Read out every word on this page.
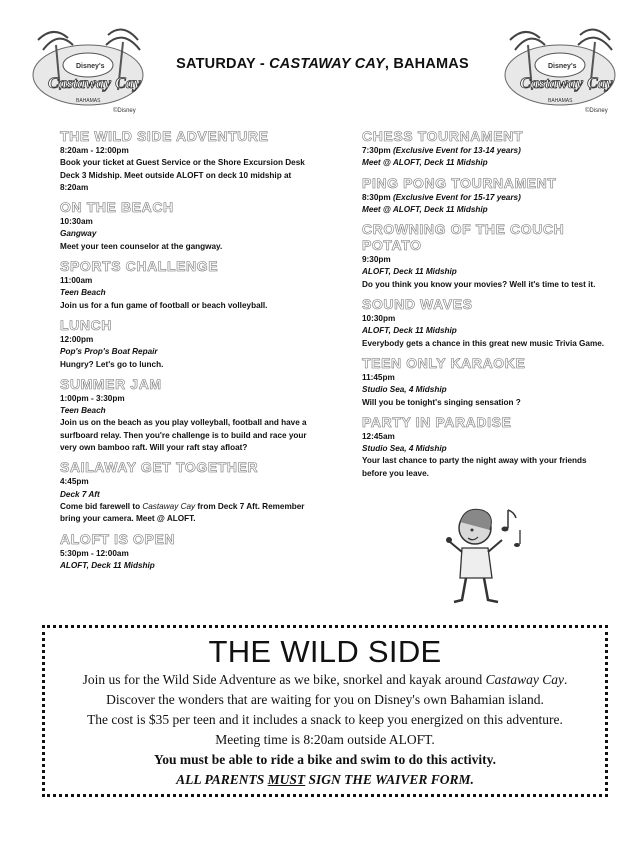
Disney's
Castaway Cay
BAHAMAS
©Disney
SATURDAY - CASTAWAY CAY, BAHAMAS	Disney's
Castaway Cay
BAHAMAS
©Disney
THE WILD SIDE ADVENTURE
8:20am - 12:00pm
Book your ticket at Guest Service or the Shore Excursion Desk Deck 3 Midship. Meet outside ALOFT on deck 10 midship at 8:20am
ON THE BEACH
10:30am
Gangway
Meet your teen counselor at the gangway.
SPORTS CHALLENGE
11:00am
Teen Beach
Join us for a fun game of football or beach volleyball.
LUNCH
12:00pm
Pop's Prop's Boat Repair
Hungry? Let's go to lunch.
SUMMER JAM
1:00pm - 3:30pm
Teen Beach
Join us on the beach as you play volleyball, football and have a surfboard relay. Then you're challenge is to build and race your very own bamboo raft. Will your raft stay afloat?
SAILAWAY GET TOGETHER
4:45pm
Deck 7 Aft
Come bid farewell to Castaway Cay from Deck 7 Aft. Remember bring your camera. Meet @ ALOFT.
ALOFT IS OPEN
5:30pm - 12:00am
ALOFT, Deck 11 Midship
CHESS TOURNAMENT
7:30pm (Exclusive Event for 13-14 years)
Meet @ ALOFT, Deck 11 Midship
PING PONG TOURNAMENT
8:30pm (Exclusive Event for 15-17 years)
Meet @ ALOFT, Deck 11 Midship
CROWNING OF THE COUCH POTATO
9:30pm
ALOFT, Deck 11 Midship
Do you think you know your movies? Well it's time to test it.
SOUND WAVES
10:30pm
ALOFT, Deck 11 Midship
Everybody gets a chance in this great new music Trivia Game.
TEEN ONLY KARAOKE
11:45pm
Studio Sea, 4 Midship
Will you be tonight's singing sensation ?
PARTY IN PARADISE
12:45am
Studio Sea, 4 Midship
Your last chance to party the night away with your friends before you leave.
THE WILD SIDE
Join us for the Wild Side Adventure as we bike, snorkel and kayak around Castaway Cay.
Discover the wonders that are waiting for you on Disney's own Bahamian island.
The cost is $35 per teen and it includes a snack to keep you energized on this adventure.
Meeting time is 8:20am outside ALOFT.
You must be able to ride a bike and swim to do this activity.
ALL PARENTS MUST SIGN THE WAIVER FORM.
